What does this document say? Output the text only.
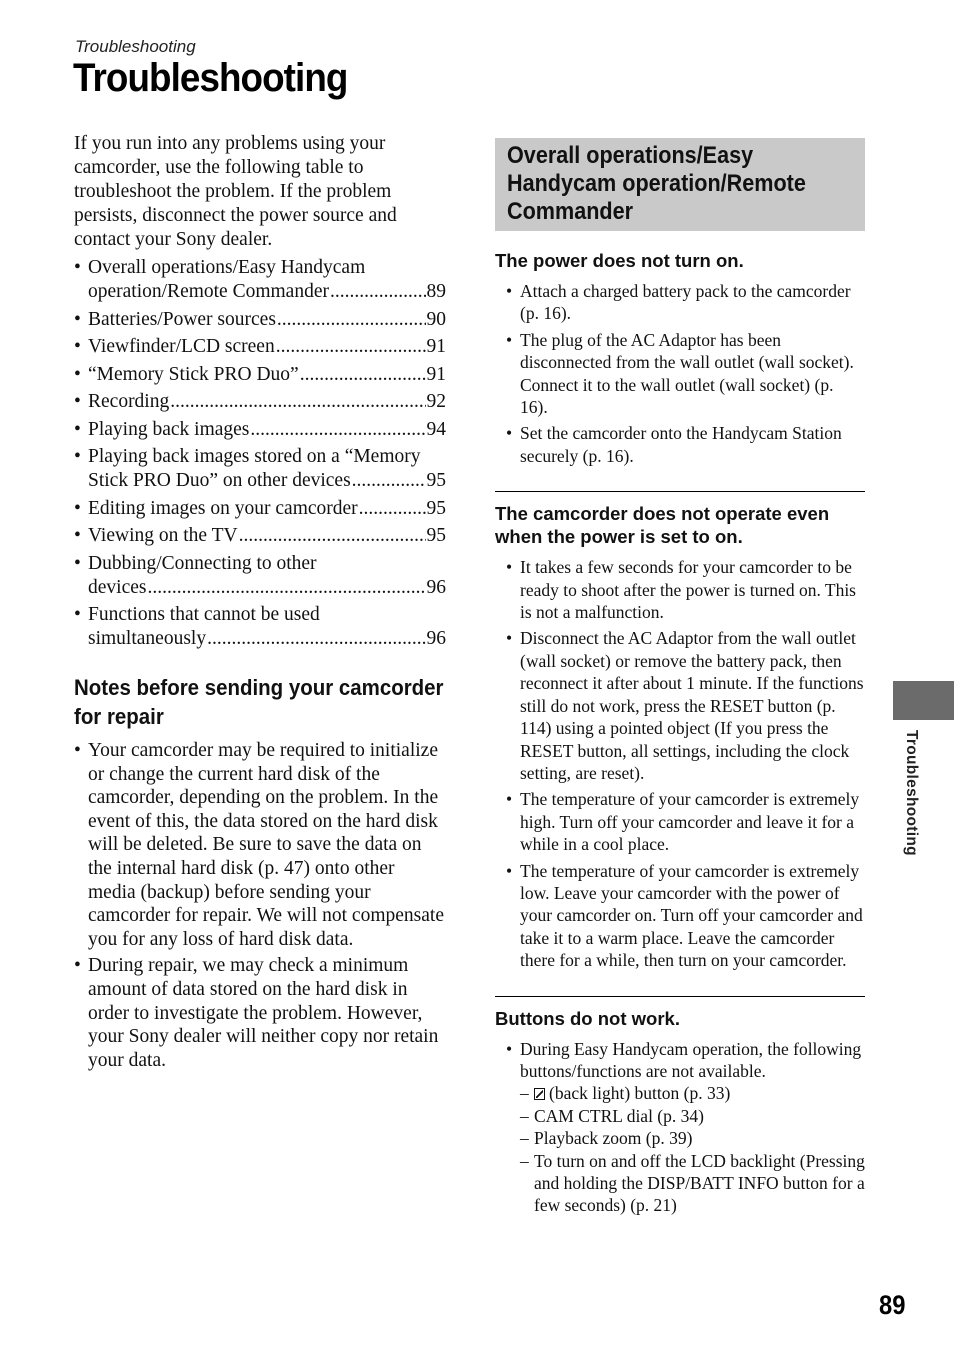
Troubleshooting
Troubleshooting

If you run into any problems using your camcorder, use the following table to troubleshoot the problem. If the problem persists, disconnect the power source and contact your Sony dealer.

• Overall operations/Easy Handycam
operation/Remote Commander .....	89
• Batteries/Power sources .....	90
• Viewfinder/LCD screen .....	91
• “Memory Stick PRO Duo” .....	91
• Recording .....	92
• Playing back images .....	94
• Playing back images stored on a “Memory
Stick PRO Duo” on other devices .....	95
• Editing images on your camcorder .....	95
• Viewing on the TV .....	95
• Dubbing/Connecting to other
devices .....	96
• Functions that cannot be used
simultaneously .....	96
Notes before sending your camcorder for repair
• Your camcorder may be required to initialize or change the current hard disk of the camcorder, depending on the problem. In the event of this, the data stored on the hard disk will be deleted. Be sure to save the data on the internal hard disk (p. 47) onto other media (backup) before sending your camcorder for repair. We will not compensate you for any loss of hard disk data.
• During repair, we may check a minimum amount of data stored on the hard disk in order to investigate the problem. However, your Sony dealer will neither copy nor retain your data.
Overall operations/Easy Handycam operation/Remote Commander
The power does not turn on.
• Attach a charged battery pack to the camcorder (p. 16).
• The plug of the AC Adaptor has been disconnected from the wall outlet (wall socket). Connect it to the wall outlet (wall socket) (p. 16).
• Set the camcorder onto the Handycam Station securely (p. 16).
The camcorder does not operate even when the power is set to on.
• It takes a few seconds for your camcorder to be ready to shoot after the power is turned on. This is not a malfunction.
• Disconnect the AC Adaptor from the wall outlet (wall socket) or remove the battery pack, then reconnect it after about 1 minute. If the functions still do not work, press the RESET button (p. 114) using a pointed object (If you press the RESET button, all settings, including the clock setting, are reset).
• The temperature of your camcorder is extremely high. Turn off your camcorder and leave it for a while in a cool place.
• The temperature of your camcorder is extremely low. Leave your camcorder with the power of your camcorder on. Turn off your camcorder and take it to a warm place. Leave the camcorder there for a while, then turn on your camcorder.
Buttons do not work.
• During Easy Handycam operation, the following buttons/functions are not available.
– (back light) button (p. 33)
– CAM CTRL dial (p. 34)
– Playback zoom (p. 39)
– To turn on and off the LCD backlight (Pressing and holding the DISP/BATT INFO button for a few seconds) (p. 21)
Troubleshooting
89
